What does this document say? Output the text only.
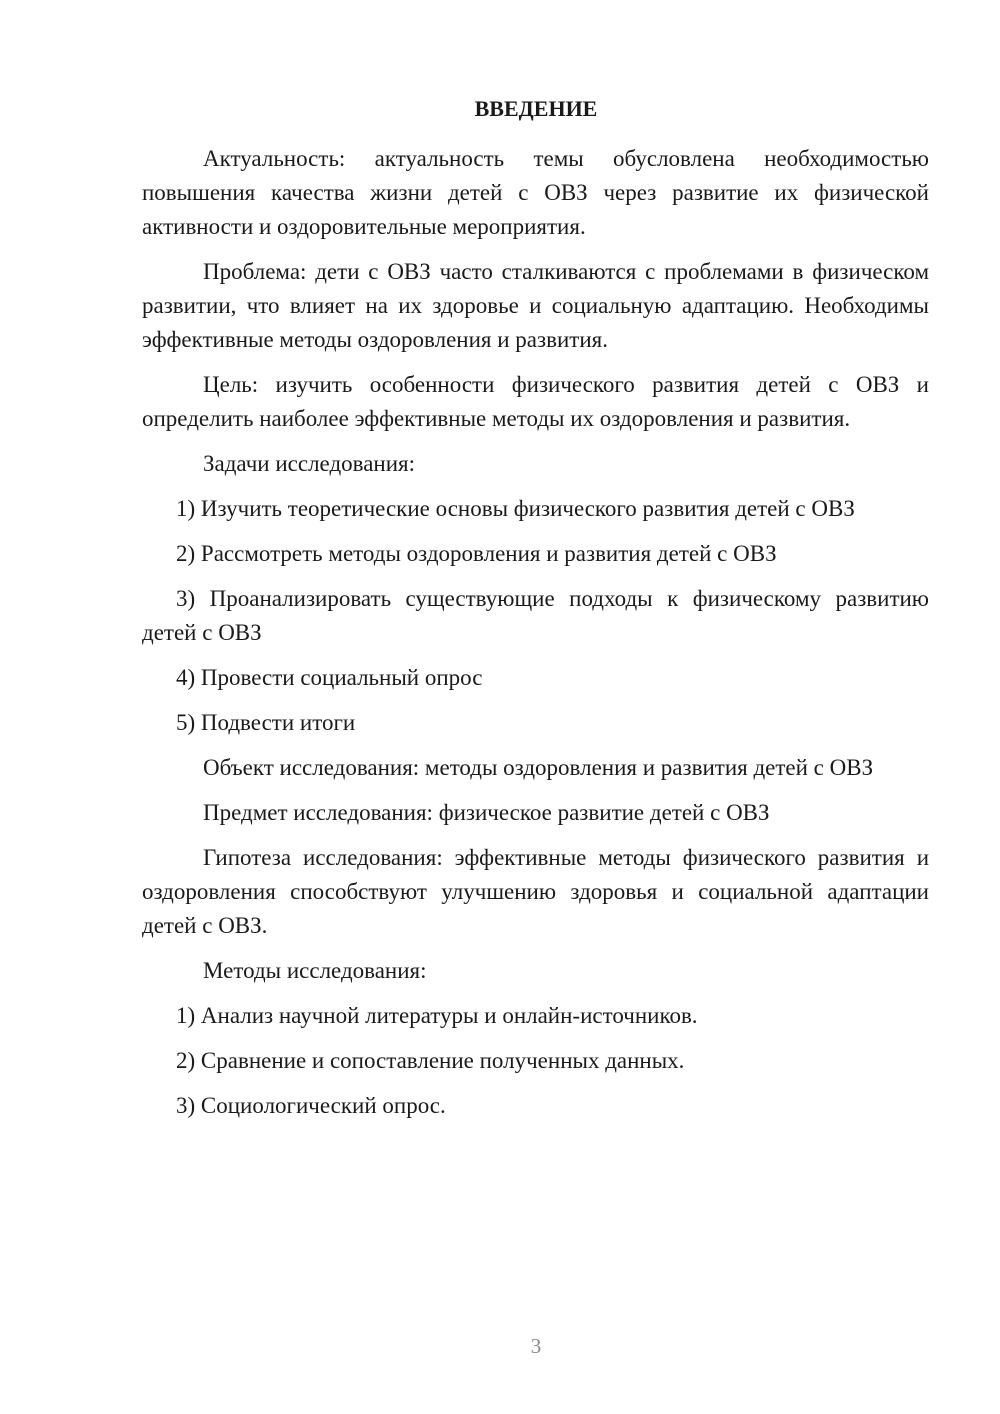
ВВЕДЕНИЕ

Актуальность: актуальность темы обусловлена необходимостью повышения качества жизни детей с ОВЗ через развитие их физической активности и оздоровительные мероприятия.

Проблема: дети с ОВЗ часто сталкиваются с проблемами в физическом развитии, что влияет на их здоровье и социальную адаптацию. Необходимы эффективные методы оздоровления и развития.

Цель: изучить особенности физического развития детей с ОВЗ и определить наиболее эффективные методы их оздоровления и развития.

Задачи исследования:

1) Изучить теоретические основы физического развития детей с ОВЗ

2) Рассмотреть методы оздоровления и развития детей с ОВЗ

3) Проанализировать существующие подходы к физическому развитию детей с ОВЗ

4) Провести социальный опрос

5) Подвести итоги

Объект исследования: методы оздоровления и развития детей с ОВЗ

Предмет исследования: физическое развитие детей с ОВЗ

Гипотеза исследования: эффективные методы физического развития и оздоровления способствуют улучшению здоровья и социальной адаптации детей с ОВЗ.

Методы исследования:

1) Анализ научной литературы и онлайн-источников.

2) Сравнение и сопоставление полученных данных.

3) Социологический опрос.

3
